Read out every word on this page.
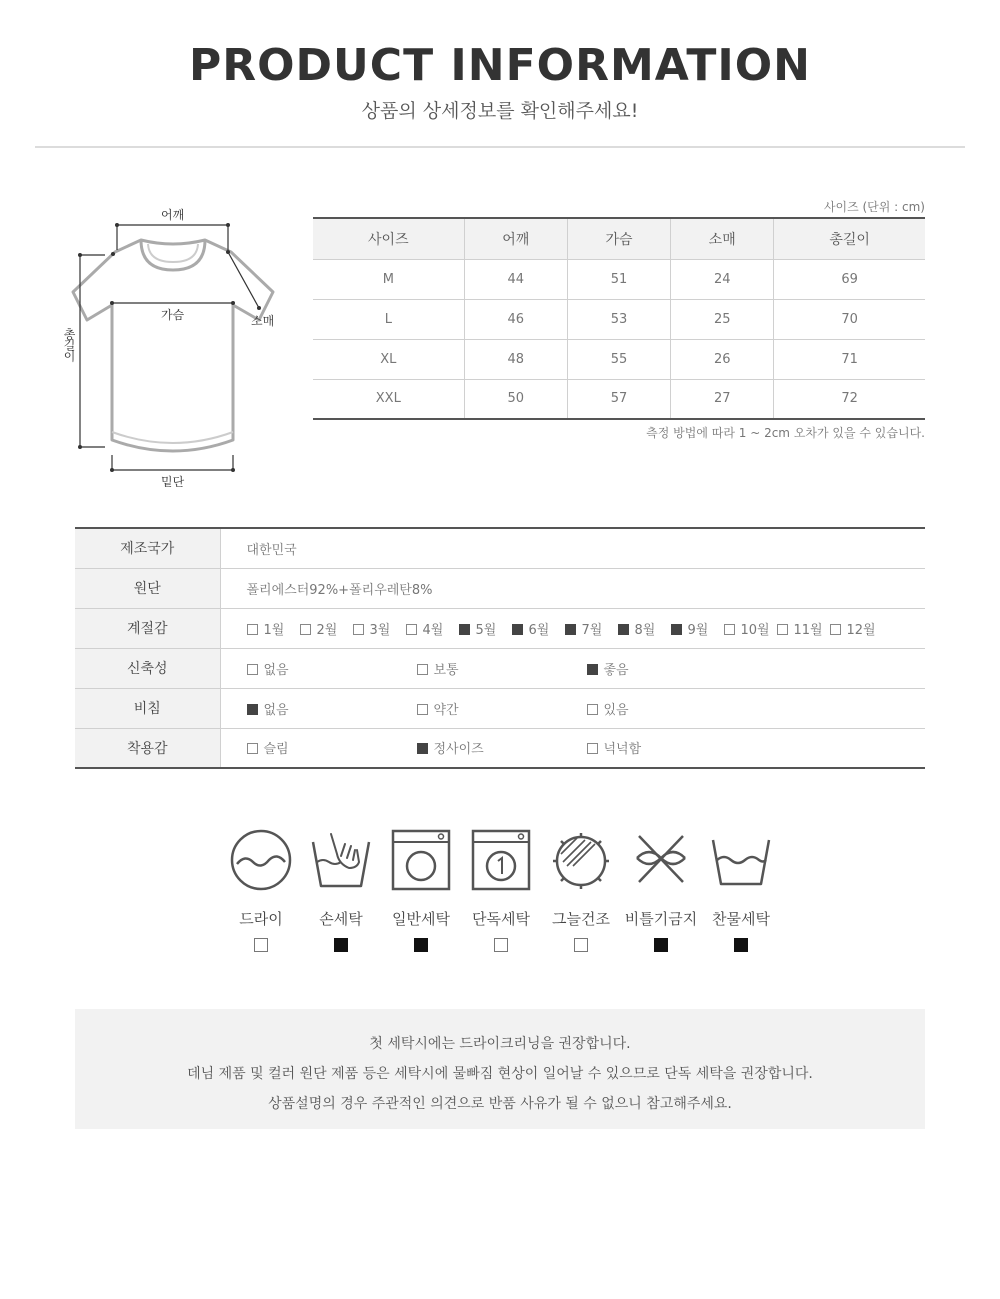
PRODUCT INFORMATION
상품의 상세정보를 확인해주세요!
어깨
가슴	소매
총길이
밑단
사이즈 (단위 : cm)
사이즈	어깨	가슴	소매	총길이
M	44	51	24	69
L	46	53	25	70
XL	48	55	26	71
XXL	50	57	27	72
측정 방법에 따라 1 ~ 2cm 오차가 있을 수 있습니다.
제조국가	대한민국
원단	폴리에스터92%+폴리우레탄8%
계절감	1월 2월 3월 4월 5월 6월 7월 8월 9월 10월 11월 12월
신축성	없음 보통 좋음
비침	없음 약간 있음
착용감	슬림 정사이즈 넉넉함
드라이	손세탁	일반세탁	단독세탁	그늘건조 비틀기금지 찬물세탁

첫 세탁시에는 드라이크리닝을 권장합니다.

데님 제품 및 컬러 원단 제품 등은 세탁시에 물빠짐 현상이 일어날 수 있으므로 단독 세탁을 권장합니다.

상품설명의 경우 주관적인 의견으로 반품 사유가 될 수 없으니 참고해주세요.
